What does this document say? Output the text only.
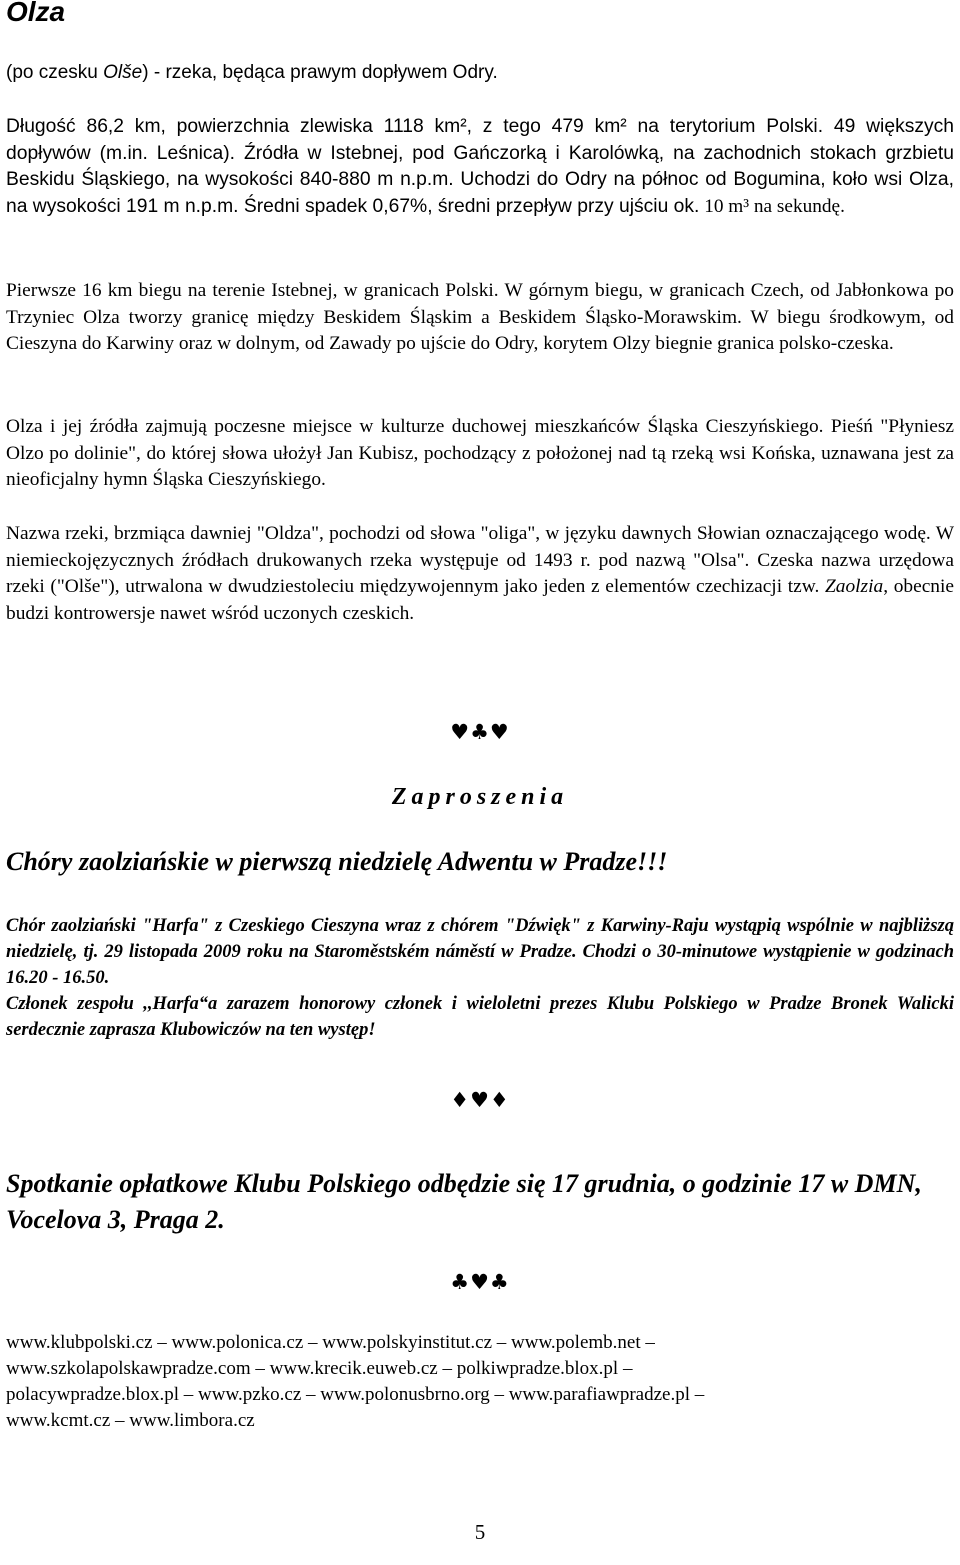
Olza
(po czesku Olše) - rzeka, będąca prawym dopływem Odry.

Długość 86,2 km, powierzchnia zlewiska 1118 km², z tego 479 km² na terytorium Polski. 49 większych dopływów (m.in. Leśnica). Źródła w Istebnej, pod Gańczorką i Karolówką, na zachodnich stokach grzbietu Beskidu Śląskiego, na wysokości 840-880 m n.p.m. Uchodzi do Odry na północ od Bogumina, koło wsi Olza, na wysokości 191 m n.p.m. Średni spadek 0,67%, średni przepływ przy ujściu ok. 10 m³ na sekundę.

Pierwsze 16 km biegu na terenie Istebnej, w granicach Polski. W górnym biegu, w granicach Czech, od Jabłonkowa po Trzyniec Olza tworzy granicę między Beskidem Śląskim a Beskidem Śląsko-Morawskim. W biegu środkowym, od Cieszyna do Karwiny oraz w dolnym, od Zawady po ujście do Odry, korytem Olzy biegnie granica polsko-czeska.

Olza i jej źródła zajmują poczesne miejsce w kulturze duchowej mieszkańców Śląska Cieszyńskiego. Pieśń "Płyniesz Olzo po dolinie", do której słowa ułożył Jan Kubisz, pochodzący z położonej nad tą rzeką wsi Końska, uznawana jest za nieoficjalny hymn Śląska Cieszyńskiego.

Nazwa rzeki, brzmiąca dawniej "Oldza", pochodzi od słowa "oliga", w języku dawnych Słowian oznaczającego wodę. W niemieckojęzycznych źródłach drukowanych rzeka występuje od 1493 r. pod nazwą "Olsa". Czeska nazwa urzędowa rzeki ("Olše"), utrwalona w dwudziestoleciu międzywojennym jako jeden z elementów czechizacji tzw. Zaolzia, obecnie budzi kontrowersje nawet wśród uczonych czeskich.

♥♣♥
Zaproszenia
Chóry zaolziańskie w pierwszą niedzielę Adwentu w Pradze!!!
Chór zaolziański "Harfa" z Czeskiego Cieszyna wraz z chórem "Dźwięk" z Karwiny-Raju wystąpią wspólnie w najbliższą niedzielę, tj. 29 listopada 2009 roku na Staroměstském náměstí w Pradze. Chodzi o 30-minutowe wystąpienie w godzinach 16.20 - 16.50.
Członek zespołu ,,Harfa“a zarazem honorowy członek i wieloletni prezes Klubu Polskiego w Pradze Bronek Walicki serdecznie zaprasza Klubowiczów na ten występ!
♦♥♦
Spotkanie opłatkowe Klubu Polskiego odbędzie się 17 grudnia, o godzinie 17 w DMN, Vocelova 3, Praga 2.
♣♥♣
www.klubpolski.cz – www.polonica.cz – www.polskyinstitut.cz – www.polemb.net –
www.szkolapolskawpradze.com – www.krecik.euweb.cz – polkiwpradze.blox.pl –
polacywpradze.blox.pl – www.pzko.cz – www.polonusbrno.org – www.parafiawpradze.pl –
www.kcmt.cz – www.limbora.cz
5
